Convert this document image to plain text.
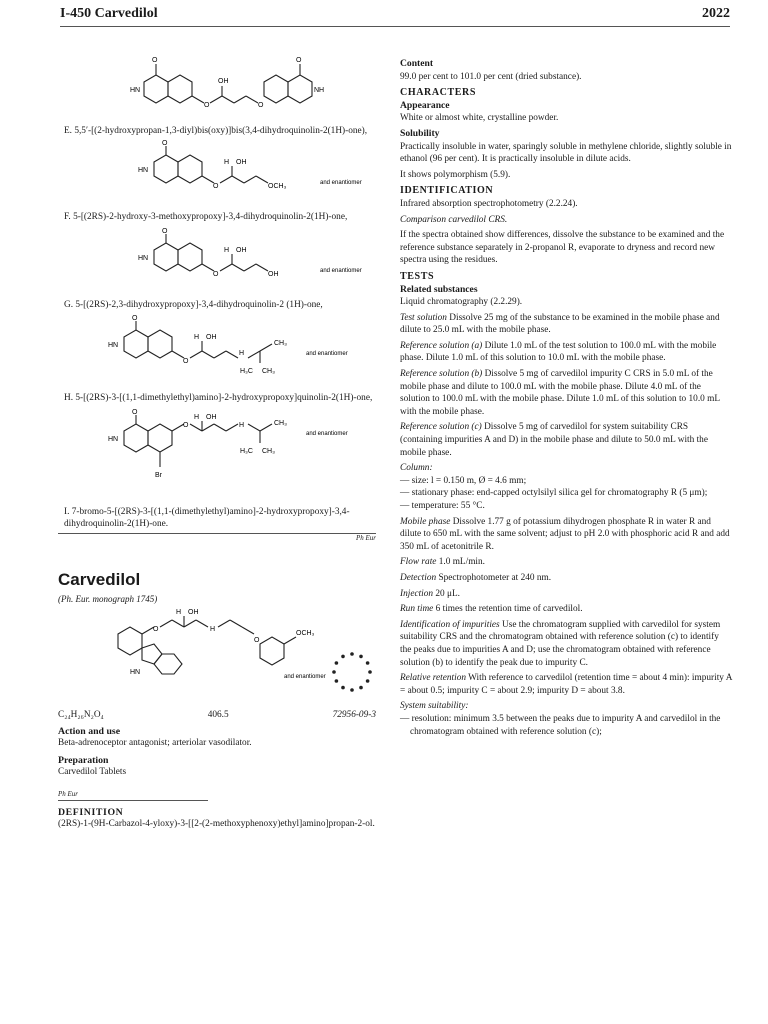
I-450 Carvedilol	2022
O
HN
O
OH
O
O
NH
E. 5,5′-[(2-hydroxypropan-1,3-diyl)bis(oxy)]bis(3,4-dihydroquinolin-2(1H)-one),
O
HN
O
H OH
OCH₃	and enantiomer
F. 5-[(2RS)-2-hydroxy-3-methoxypropoxy]-3,4-dihydroquinolin-2(1H)-one,
O
HN
O
H OH
OH	and enantiomer
G. 5-[(2RS)-2,3-dihydroxypropoxy]-3,4-dihydroquinolin-2 (1H)-one,
O
HN
O
H OH
H
CH₃
H₃C CH₃
and enantiomer
H. 5-[(2RS)-3-[(1,1-dimethylethyl)amino]-2-hydroxypropoxy]quinolin-2(1H)-one,
O
HN
Br
O
H OH
H	CH₃
H₃C CH₃
and enantiomer
I. 7-bromo-5-[(2RS)-3-[(1,1-(dimethylethyl)amino]-2-hydroxypropoxy]-3,4-dihydroquinolin-2(1H)-one.
Ph Eur
Carvedilol
(Ph. Eur. monograph 1745)
O
H OH
H
O
OCH₃
HN
and enantiomer
C₂₄H₂₆N₂O₄	406.5	72956-09-3
Action and use
Beta-adrenoceptor antagonist; arteriolar vasodilator.
Preparation
Carvedilol Tablets
Ph Eur
DEFINITION
(2RS)-1-(9H-Carbazol-4-yloxy)-3-[[2-(2-methoxyphenoxy)ethyl]amino]propan-2-ol.
Content
99.0 per cent to 101.0 per cent (dried substance).
CHARACTERS
Appearance
White or almost white, crystalline powder.
Solubility
Practically insoluble in water, sparingly soluble in methylene chloride, slightly soluble in ethanol (96 per cent). It is practically insoluble in dilute acids.
It shows polymorphism (5.9).
IDENTIFICATION
Infrared absorption spectrophotometry (2.2.24).
Comparison carvedilol CRS.
If the spectra obtained show differences, dissolve the substance to be examined and the reference substance separately in 2-propanol R, evaporate to dryness and record new spectra using the residues.
TESTS
Related substances
Liquid chromatography (2.2.29).
Test solution Dissolve 25 mg of the substance to be examined in the mobile phase and dilute to 25.0 mL with the mobile phase.
Reference solution (a) Dilute 1.0 mL of the test solution to 100.0 mL with the mobile phase. Dilute 1.0 mL of this solution to 10.0 mL with the mobile phase.
Reference solution (b) Dissolve 5 mg of carvedilol impurity C CRS in 5.0 mL of the mobile phase and dilute to 100.0 mL with the mobile phase. Dilute 4.0 mL of the solution to 100.0 mL with the mobile phase. Dilute 1.0 mL of this solution to 10.0 mL with the mobile phase.
Reference solution (c) Dissolve 5 mg of carvedilol for system suitability CRS (containing impurities A and D) in the mobile phase and dilute to 50.0 mL with the mobile phase.
Column:
— size: l = 0.150 m, Ø = 4.6 mm;
— stationary phase: end-capped octylsilyl silica gel for chromatography R (5 μm);
— temperature: 55 °C.
Mobile phase Dissolve 1.77 g of potassium dihydrogen phosphate R in water R and dilute to 650 mL with the same solvent; adjust to pH 2.0 with phosphoric acid R and add 350 mL of acetonitrile R.
Flow rate 1.0 mL/min.
Detection Spectrophotometer at 240 nm.
Injection 20 μL.
Run time 6 times the retention time of carvedilol.
Identification of impurities Use the chromatogram supplied with carvedilol for system suitability CRS and the chromatogram obtained with reference solution (c) to identify the peaks due to impurities A and D; use the chromatogram obtained with reference solution (b) to identify the peak due to impurity C.
Relative retention With reference to carvedilol (retention time = about 4 min): impurity A = about 0.5; impurity C = about 2.9; impurity D = about 3.8.
System suitability:
— resolution: minimum 3.5 between the peaks due to impurity A and carvedilol in the chromatogram obtained with reference solution (c);
